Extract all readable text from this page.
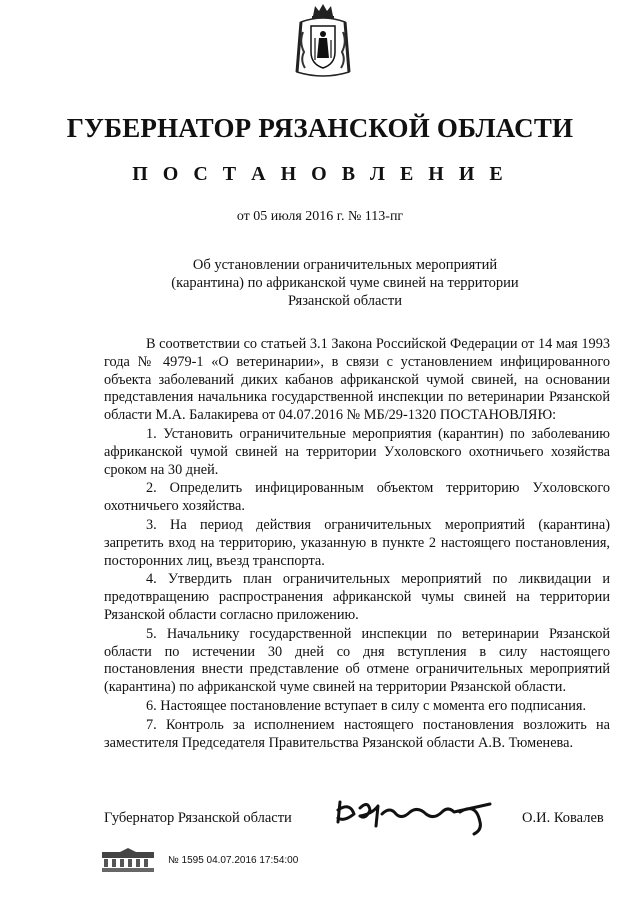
ГУБЕРНАТОР РЯЗАНСКОЙ ОБЛАСТИ
П О С Т А Н О В Л Е Н И Е
от 05 июля 2016 г. № 113-пг
Об установлении ограничительных мероприятий
(карантина) по африканской чуме свиней на территории
Рязанской области

В соответствии со статьей 3.1 Закона Российской Федерации от 14 мая 1993 года № 4979-1 «О ветеринарии», в связи с установлением инфицированного объекта заболеваний диких кабанов африканской чумой свиней, на основании представления начальника государственной инспекции по ветеринарии Рязанской области М.А. Балакирева от 04.07.2016 № МБ/29-1320 ПОСТАНОВЛЯЮ:

1. Установить ограничительные мероприятия (карантин) по заболеванию африканской чумой свиней на территории Уxоловского охотничьего хозяйства сроком на 30 дней.

2. Определить инфицированным объектом территорию Уxоловского охотничьего хозяйства.

3. На период действия ограничительных мероприятий (карантина) запретить вход на территорию, указанную в пункте 2 настоящего постановления, посторонних лиц, въезд транспорта.

4. Утвердить план ограничительных мероприятий по ликвидации и предотвращению распространения африканской чумы свиней на территории Рязанской области согласно приложению.

5. Начальнику государственной инспекции по ветеринарии Рязанской области по истечении 30 дней со дня вступления в силу настоящего постановления внести представление об отмене ограничительных мероприятий (карантина) по африканской чуме свиней на территории Рязанской области.

6. Настоящее постановление вступает в силу с момента его подписания.

7. Контроль за исполнением настоящего постановления возложить на заместителя Председателя Правительства Рязанской области А.В. Тюменева.

Губернатор Рязанской области	О.И. Ковалев
№ 1595 04.07.2016 17:54:00
